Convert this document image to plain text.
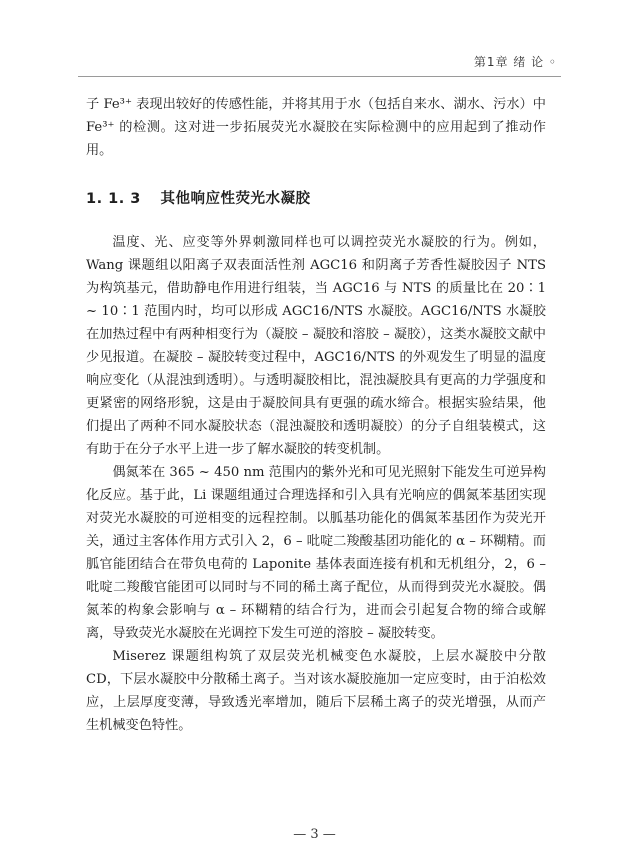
第1章 绪 论 ◦

子 Fe³⁺ 表现出较好的传感性能，并将其用于水（包括自来水、湖水、污水）中 Fe³⁺ 的检测。这对进一步拓展荧光水凝胶在实际检测中的应用起到了推动作用。

1. 1. 3 其他响应性荧光水凝胶

温度、光、应变等外界刺激同样也可以调控荧光水凝胶的行为。例如，Wang 课题组以阳离子双表面活性剂 AGC16 和阴离子芳香性凝胶因子 NTS 为构筑基元，借助静电作用进行组装，当 AGC16 与 NTS 的质量比在 20∶1 ~ 10∶1 范围内时，均可以形成 AGC16/NTS 水凝胶。AGC16/NTS 水凝胶在加热过程中有两种相变行为（凝胶 – 凝胶和溶胶 – 凝胶），这类水凝胶文献中少见报道。在凝胶 – 凝胶转变过程中，AGC16/NTS 的外观发生了明显的温度响应变化（从混浊到透明）。与透明凝胶相比，混浊凝胶具有更高的力学强度和更紧密的网络形貌，这是由于凝胶间具有更强的疏水缔合。根据实验结果，他们提出了两种不同水凝胶状态（混浊凝胶和透明凝胶）的分子自组装模式，这有助于在分子水平上进一步了解水凝胶的转变机制。

偶氮苯在 365 ~ 450 nm 范围内的紫外光和可见光照射下能发生可逆异构化反应。基于此，Li 课题组通过合理选择和引入具有光响应的偶氮苯基团实现对荧光水凝胶的可逆相变的远程控制。以胍基功能化的偶氮苯基团作为荧光开关，通过主客体作用方式引入 2，6 – 吡啶二羧酸基团功能化的 α – 环糊精。而胍官能团结合在带负电荷的 Laponite 基体表面连接有机和无机组分，2，6 – 吡啶二羧酸官能团可以同时与不同的稀土离子配位，从而得到荧光水凝胶。偶氮苯的构象会影响与 α – 环糊精的结合行为，进而会引起复合物的缔合或解离，导致荧光水凝胶在光调控下发生可逆的溶胶 – 凝胶转变。

Miserez 课题组构筑了双层荧光机械变色水凝胶，上层水凝胶中分散 CD，下层水凝胶中分散稀土离子。当对该水凝胶施加一定应变时，由于泊松效应，上层厚度变薄，导致透光率增加，随后下层稀土离子的荧光增强，从而产生机械变色特性。

— 3 —
